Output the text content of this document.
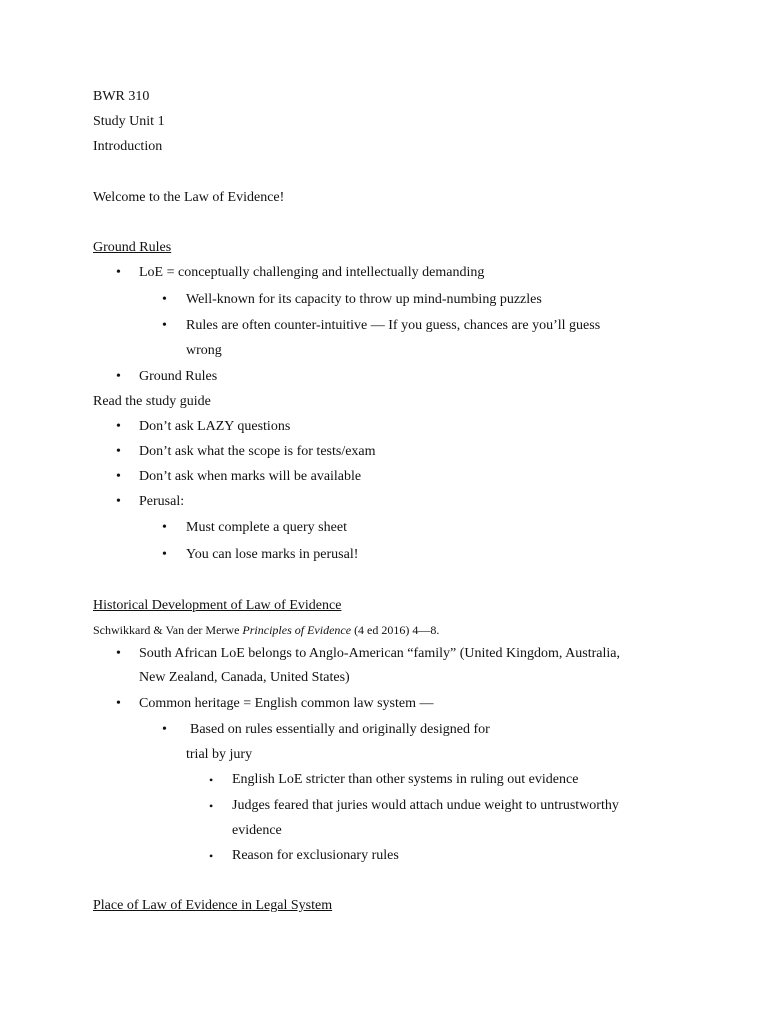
BWR 310
Study Unit 1
Introduction
Welcome to the Law of Evidence!
Ground Rules
• LoE = conceptually challenging and intellectually demanding
• Well-known for its capacity to throw up mind-numbing puzzles
• Rules are often counter-intuitive — If you guess, chances are you’ll guess
wrong
• Ground Rules
Read the study guide
• Don’t ask LAZY questions
• Don’t ask what the scope is for tests/exam
• Don’t ask when marks will be available
• Perusal:
• Must complete a query sheet
• You can lose marks in perusal!
Historical Development of Law of Evidence
Schwikkard & Van der Merwe Principles of Evidence (4 ed 2016) 4—8.
• South African LoE belongs to Anglo-American “family” (United Kingdom, Australia,
New Zealand, Canada, United States)
• Common heritage = English common law system —
• Based on rules essentially and originally designed for
trial by jury
• English LoE stricter than other systems in ruling out evidence
• Judges feared that juries would attach undue weight to untrustworthy
evidence
• Reason for exclusionary rules
Place of Law of Evidence in Legal System
